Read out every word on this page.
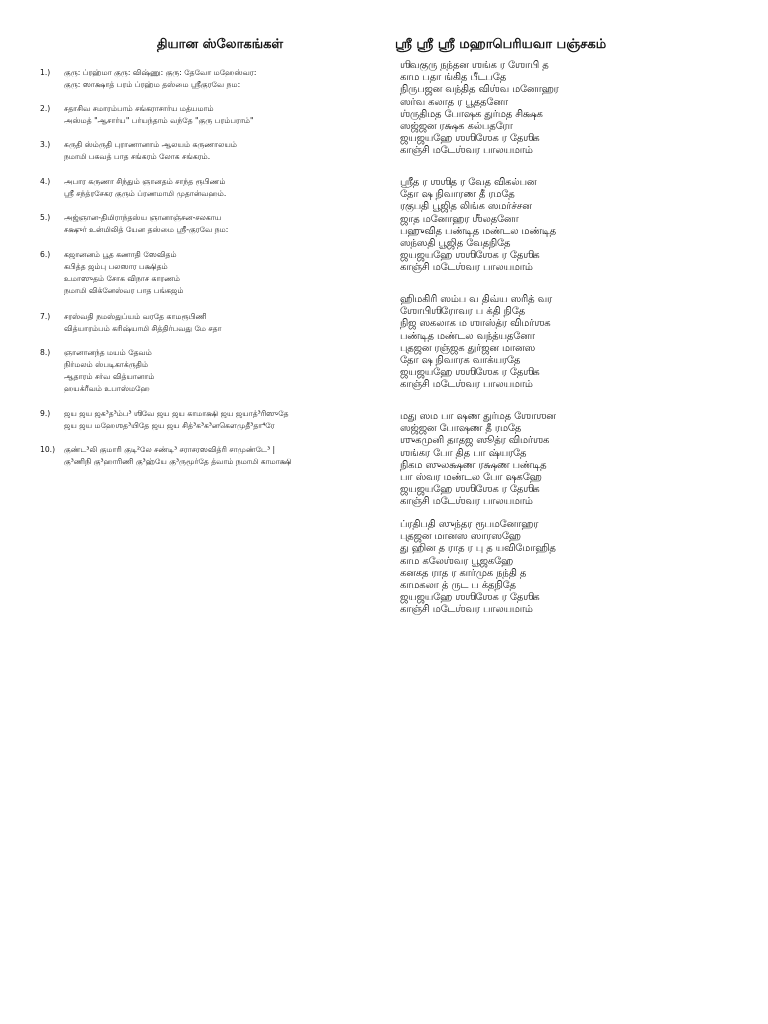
தியான ஸ்லோகங்கள்
1.)	குரு: ப்ரஹ்மா குரு: விஷ்ணு: குரு: தேவோ மஹேஸ்வர:
குரு: ஸாக்ஷாத் பரம் ப்ரஹ்ம தஸ்மை ஸ்ரீகுரவே நம:
2.)	சதாசிவ சமாரம்பாம் சங்கராசார்ய மத்யமாம்
அஸ்மத் "ஆசார்ய" பர்யந்தாம் வந்தே "குரு பரம்பராம்"
3.)	சுருதி ஸ்ம்ருதி புராணானாம் ஆலயம் கருணாலயம்
நமாமி பகவத் பாத சங்கரம் லோக சங்கரம்.
4.)	அபார கருணா சிந்தும் ஞானதம் சாந்த ரூபிணம்
ஸ்ரீ சந்த்ரசேகர குரும் ப்ரணமாமி முதான்வஹம்.
5.)	அஜ்ஞான-திமிராந்தஸ்ய ஞானாஞ்சன-சலகாய
சக்ஷுர் உன்மிலித் யேன தஸ்மை ஸ்ரீ-குரவே நம:
6.)	கஜானனம் பூத கணாதி ஸேவிதம்
கபித்த ஜம்பு பலஸார பக்ஷிதம்
உமாஸுதம் சோக விநாச காரணம்
நமாமி விக்னேஸ்வர பாத பங்கஜம்
7.)	சரஸ்வதி நமஸ்துப்யம் வரதே காமரூபிணி
வித்யாரம்பம் கரிஷ்யாமி சித்திர்பவது மே சதா
8.)	ஞானானந்த மயம் தேவம்
நிர்மலம் ஸ்படிகாக்ருதிம்
ஆதாரம் சர்வ வித்யானாம்
ஹயக்ரீவம் உபாஸ்மஹே
9.)	ஜய ஜய ஜக³த³ம்ப³ ஶிவே ஜய ஜய காமாக்ஷி ஜய ஜயாத்³ரிஸுதே
ஜய ஜய மஹேஶத³யிதே ஜய ஜய சித்³க³க³னகௌமுதீ³தா⁴ரே
10.)	குண்ட³லி குமாரி குடி²லே சண்டி³ சராசரஸவித்ரி சாமுண்டே³ |
கு³ணிநி கு³ஹாரிணி கு³ஹ்யே கு³ருமூர்தே த்வாம் நமாமி காமாக்ஷி
ஸ்ரீ ஸ்ரீ ஸ்ரீ மஹாபெரியவா பஞ்சகம்
ஶிவகுரு நந்தன ஶங்க ர ஶோபி த
காம பதா ங்கித பீடபதே
நிருபஜன வந்தித விஶ்வ மனோஹர
ஸர்வ கலாத ர பூததனோ
ஶ்ருதிமத போஷக துர்மத சிக்ஷக
ஸஜ்ஜன ரக்ஷக கல்பதரோ
ஜயஜயஹே ஶஶிஶேக ர தேஶிக
காஞ்சி மடேஶ்வர பாலயமாம்
ஸ்ரீத ர ஶஶித ர வேத விகல்பன
தோ ஷ நிவாரண தீ ரமதே
ரகுபதி பூஜித லிங்க ஸமர்ச்சன
ஜாத மனோஹர ஶீலதனோ
பஹுவித பண்டித மண்டல மண்டித
ஸந்ஸதி பூஜித வேதநிதே
ஜயஜயஹே ஶஶிஶேக ர தேஶிக
காஞ்சி மடேஶ்வர பாலயமாம்
ஹிமகிரி ஸம்ப வ திவ்ய ஸரித் வர
ஶோபிஶிரோவர ப க்தி நிதே
நிஜ ஸகலாக ம ஶாஸ்த்ர விமர்ஶக
பண்டித மண்டல வந்த்யதனோ
புதஜன ரஞ்ஜக துர்ஜன மானஸ
தோ ஷ நிவாரக வாக்யரதே
ஜயஜயஹே ஶஶிஶேக ர தேஶிக
காஞ்சி மடேஶ்வர பாலயமாம்
மது ஸம பா ஷண துர்மத ஶோஶன
ஸஜ்ஜன போஷண தீ ரமதே
ஶுகமுனி தாதஜ ஸூத்ர விமர்ஶக
ஶங்கர போ தித பா ஷ்யரதே
நிகம ஸுலக்ஷண ரக்ஷண பண்டித
பா ஸ்வர மண்டல போ ஷகஹே
ஜயஜயஹே ஶஶிஶேக ர தேஶிக
காஞ்சி மடேஶ்வர பாலயமாம்
ப்ரதிபதி ஸுந்தர ரூபமனோஹர
புதஜன மானஸ ஸாரஸஹே
து ஹின த ராத ர பு த யவிமோஹித
காம கலேஶ்வர பூஜகஹே
கனகத ராத ர கார்முக நந்தி த
காமகலா த் ருட ப க்தநிதே
ஜயஜயஹே ஶஶிஶேக ர தேஶிக
காஞ்சி மடேஶ்வர பாலயமாம்
